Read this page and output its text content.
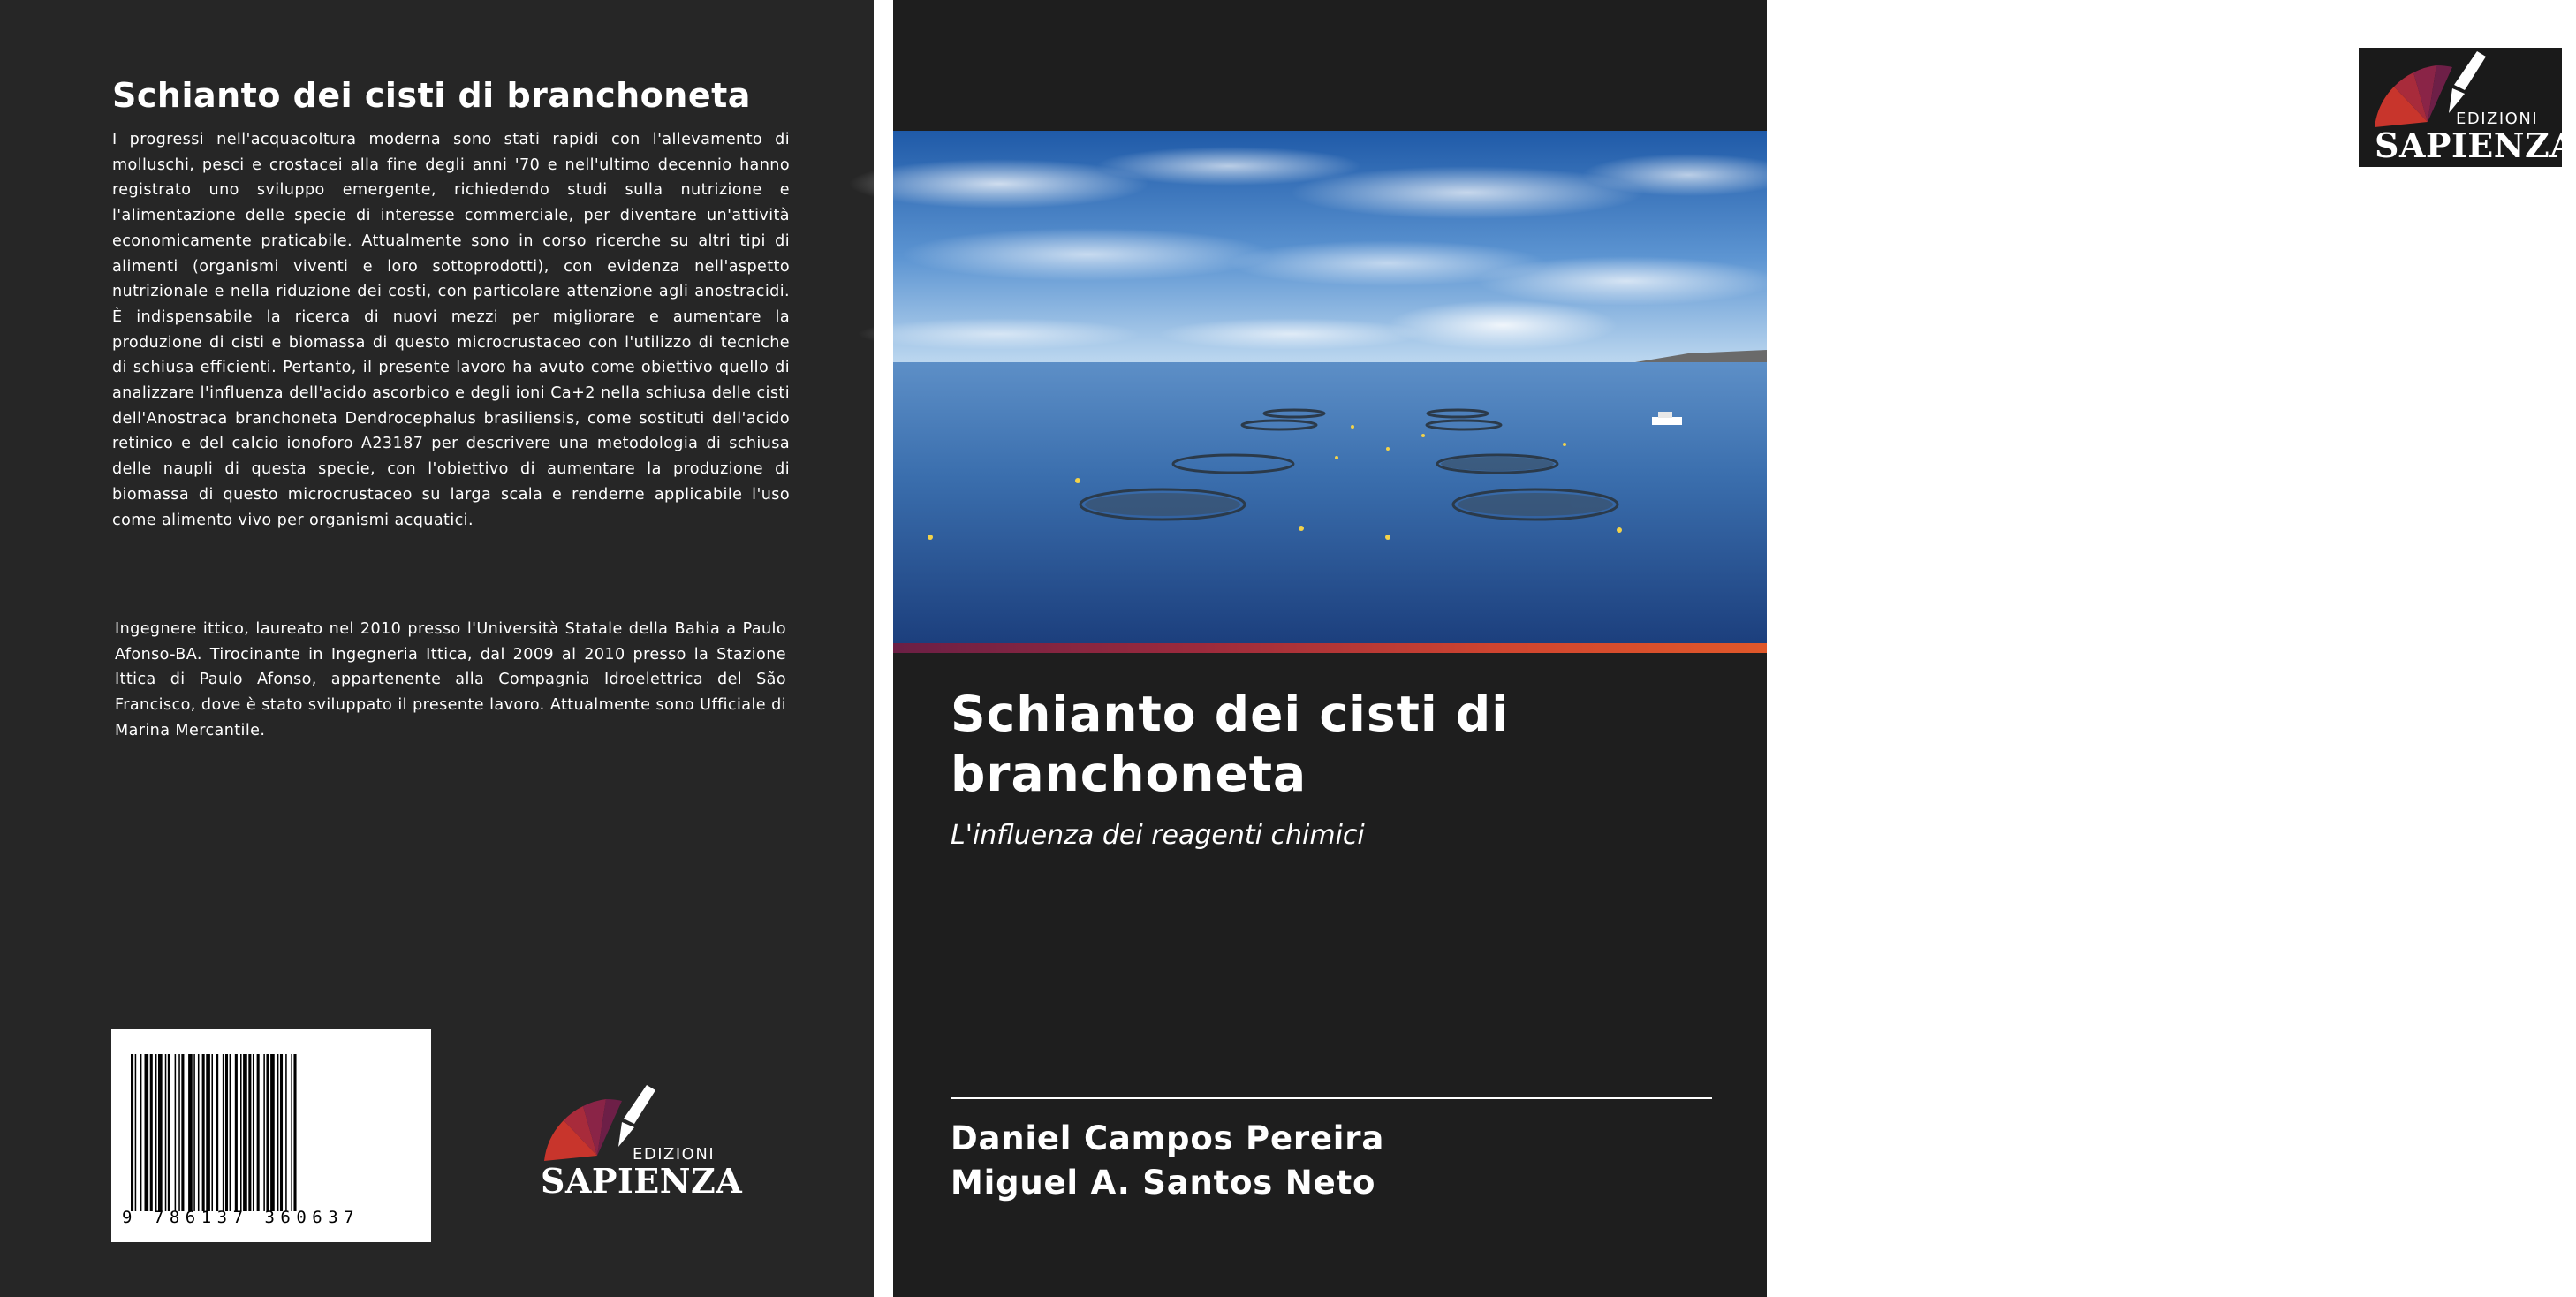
Schianto dei cisti di branchoneta

I progressi nell'acquacoltura moderna sono stati rapidi con l'allevamento di molluschi, pesci e crostacei alla fine degli anni '70 e nell'ultimo decennio hanno registrato uno sviluppo emergente, richiedendo studi sulla nutrizione e l'alimentazione delle specie di interesse commerciale, per diventare un'attività economicamente praticabile. Attualmente sono in corso ricerche su altri tipi di alimenti (organismi viventi e loro sottoprodotti), con evidenza nell'aspetto nutrizionale e nella riduzione dei costi, con particolare attenzione agli anostracidi. È indispensabile la ricerca di nuovi mezzi per migliorare e aumentare la produzione di cisti e biomassa di questo microcrustaceo con l'utilizzo di tecniche di schiusa efficienti. Pertanto, il presente lavoro ha avuto come obiettivo quello di analizzare l'influenza dell'acido ascorbico e degli ioni Ca+2 nella schiusa delle cisti dell'Anostraca branchoneta Dendrocephalus brasiliensis, come sostituti dell'acido retinico e del calcio ionoforo A23187 per descrivere una metodologia di schiusa delle naupli di questa specie, con l'obiettivo di aumentare la produzione di biomassa di questo microcrustaceo su larga scala e renderne applicabile l'uso come alimento vivo per organismi acquatici.

Ingegnere ittico, laureato nel 2010 presso l'Università Statale della Bahia a Paulo Afonso-BA. Tirocinante in Ingegneria Ittica, dal 2009 al 2010 presso la Stazione Ittica di Paulo Afonso, appartenente alla Compagnia Idroelettrica del São Francisco, dove è stato sviluppato il presente lavoro. Attualmente sono Ufficiale di Marina Mercantile.

9 786137 360637
EDIZIONI
SAPIENZA
EDIZIONI
SAPIENZA
Schianto dei cisti di branchoneta
L'influenza dei reagenti chimici
Daniel Campos Pereira
Miguel A. Santos Neto
